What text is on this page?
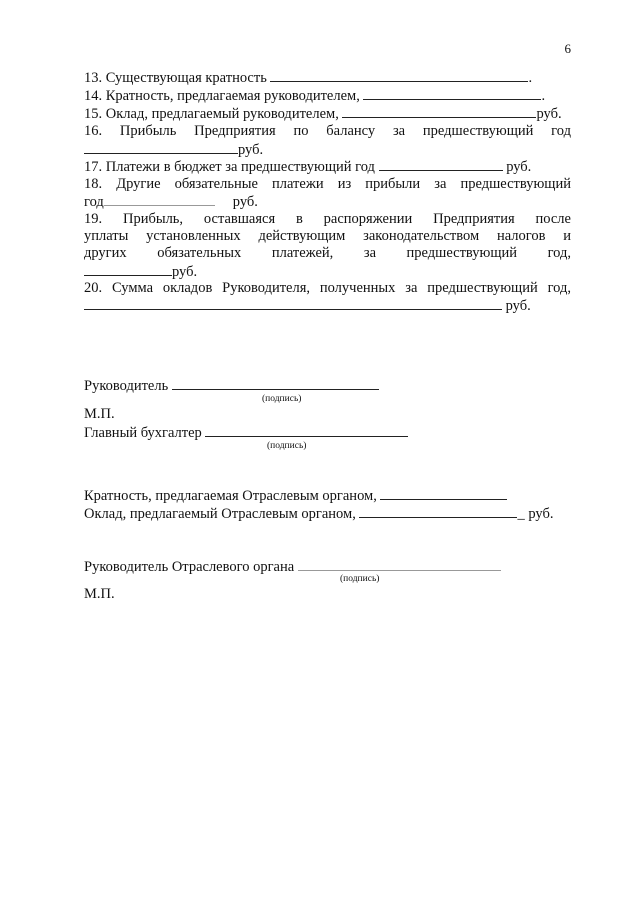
6
13. Существующая кратность	.
14. Кратность, предлагаемая руководителем,	.
15. Оклад, предлагаемый руководителем,	руб.
16. Прибыль Предприятия по балансу за предшествующий год
руб.
17. Платежи в бюджет за предшествующий год	руб.
18. Другие обязательные платежи из прибыли за предшествующий
год	руб.
19. Прибыль, оставшаяся в распоряжении Предприятия после
уплаты установленных действующим законодательством налогов и
других обязательных платежей, за предшествующий год,
руб.
20. Сумма окладов Руководителя, полученных за предшествующий год,
руб.
Руководитель
(подпись)
М.П.
Главный бухгалтер
(подпись)
Кратность, предлагаемая Отраслевым органом,
Оклад, предлагаемый Отраслевым органом,	_ руб.
Руководитель Отраслевого органа
(подпись)
М.П.
